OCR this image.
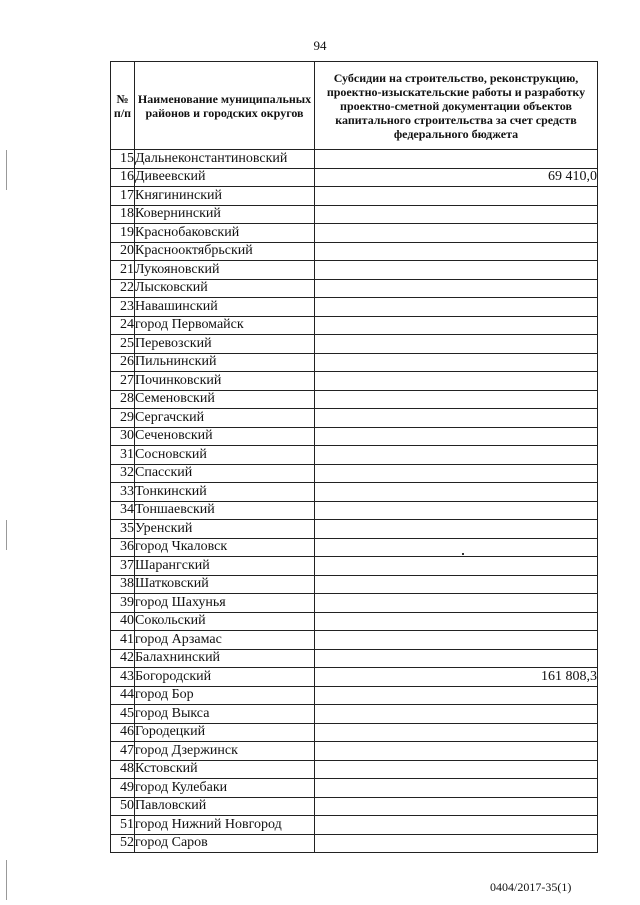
94
№ п/п	Наименование муниципальных районов и городских округов	Субсидии на строительство, реконструкцию, проектно-изыскательские работы и разработку проектно-сметной документации объектов капитального строительства за счет средств федерального бюджета
15	Дальнеконстантиновский	
16	Дивеевский	69 410,0
17	Княгининский	
18	Ковернинский	
19	Краснобаковский	
20	Краснооктябрьский	
21	Лукояновский	
22	Лысковский	
23	Навашинский	
24	город Первомайск	
25	Перевозский	
26	Пильнинский	
27	Починковский	
28	Семеновский	
29	Сергачский	
30	Сеченовский	
31	Сосновский	
32	Спасский	
33	Тонкинский	
34	Тоншаевский	
35	Уренский	
36	город Чкаловск	
37	Шарангский	
38	Шатковский	
39	город Шахунья	
40	Сокольский	
41	город Арзамас	
42	Балахнинский	
43	Богородский	161 808,3
44	город Бор	
45	город Выкса	
46	Городецкий	
47	город Дзержинск	
48	Кстовский	
49	город Кулебаки	
50	Павловский	
51	город Нижний Новгород	
52	город Саров	
0404/2017-35(1)
